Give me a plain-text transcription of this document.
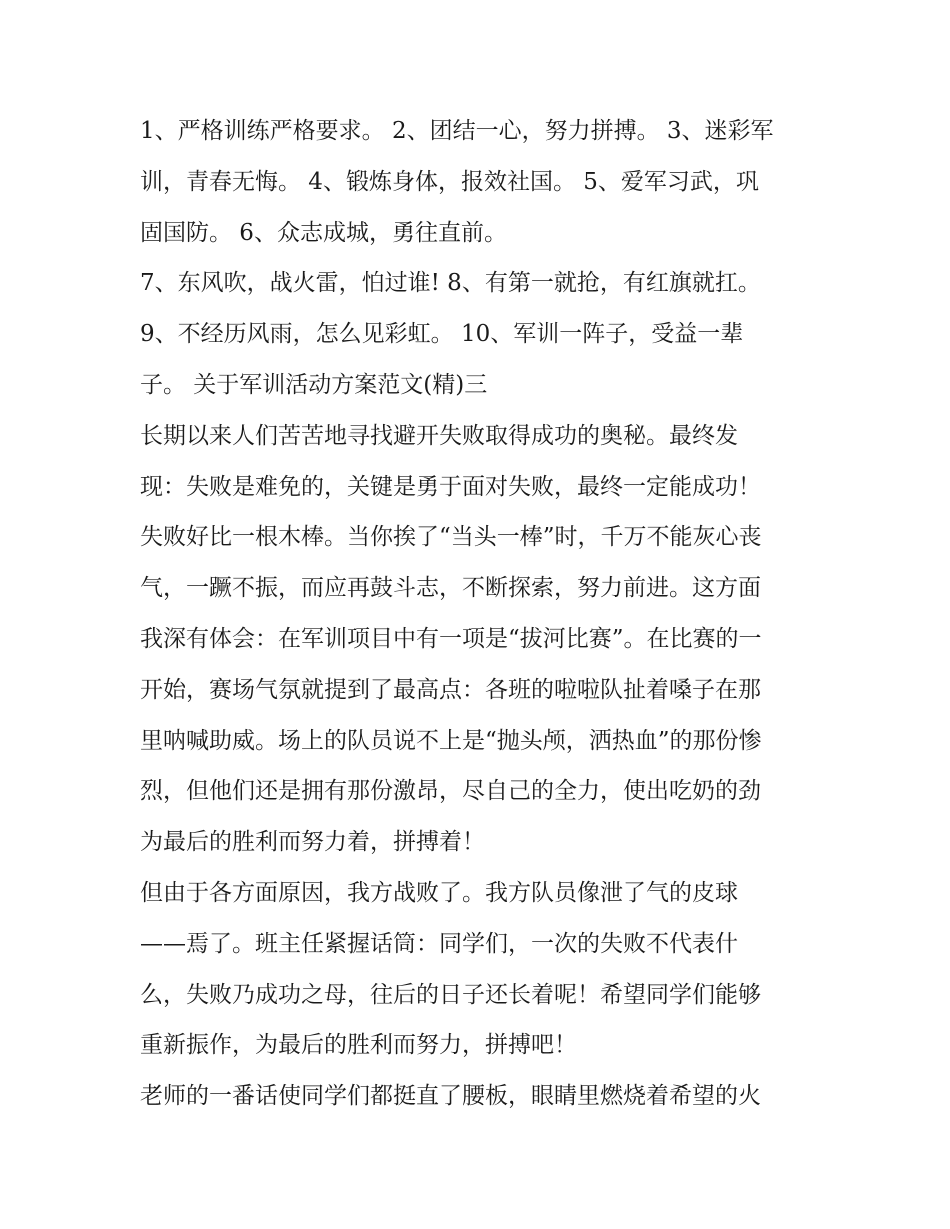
1、严格训练严格要求。 2、团结一心，努力拼搏。 3、迷彩军
训，青春无悔。 4、锻炼身体，报效社国。 5、爱军习武，巩
固国防。 6、众志成城，勇往直前。
7、东风吹，战火雷，怕过谁! 8、有第一就抢，有红旗就扛。
9、不经历风雨，怎么见彩虹。 10、军训一阵子，受益一辈
子。 关于军训活动方案范文(精)三
长期以来人们苦苦地寻找避开失败取得成功的奥秘。最终发
现：失败是难免的，关键是勇于面对失败，最终一定能成功！
失败好比一根木棒。当你挨了“当头一棒”时，千万不能灰心丧
气，一蹶不振，而应再鼓斗志，不断探索，努力前进。这方面
我深有体会：在军训项目中有一项是“拔河比赛”。在比赛的一
开始，赛场气氛就提到了最高点：各班的啦啦队扯着嗓子在那
里呐喊助威。场上的队员说不上是“抛头颅，洒热血”的那份惨
烈，但他们还是拥有那份激昂，尽自己的全力，使出吃奶的劲
为最后的胜利而努力着，拼搏着！
但由于各方面原因，我方战败了。我方队员像泄了气的皮球
——焉了。班主任紧握话筒：同学们，一次的失败不代表什
么，失败乃成功之母，往后的日子还长着呢！希望同学们能够
重新振作，为最后的胜利而努力，拼搏吧！
老师的一番话使同学们都挺直了腰板，眼睛里燃烧着希望的火
